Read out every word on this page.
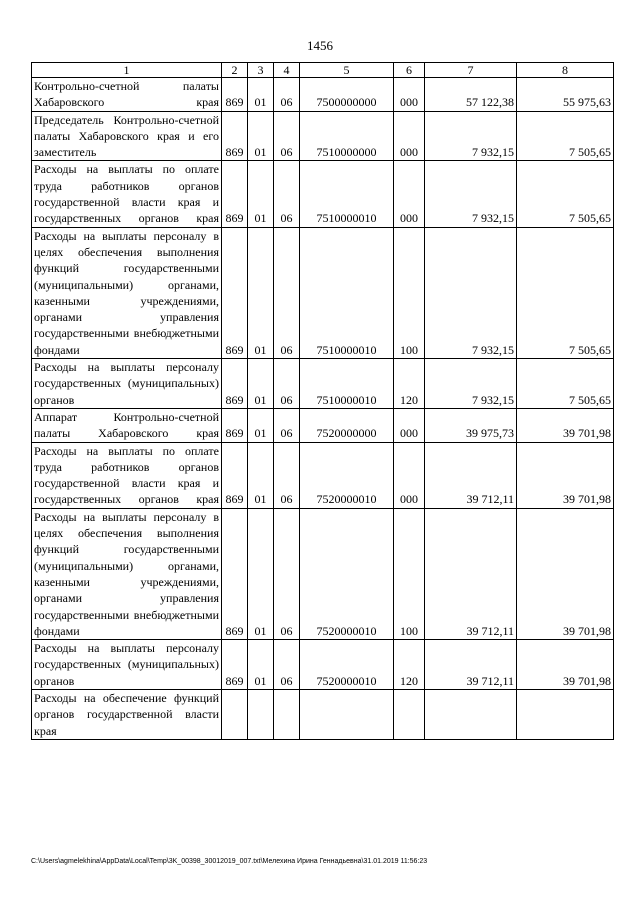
1456
1	2	3	4	5	6	7	8
Контрольно-счетной палаты Хабаровского края	869	01	06	7500000000	000	57 122,38	55 975,63
Председатель Контрольно-счетной палаты Хабаровского края и его заместитель	869	01	06	7510000000	000	7 932,15	7 505,65
Расходы на выплаты по оплате труда работников органов государственной власти края и государственных органов края	869	01	06	7510000010	000	7 932,15	7 505,65
Расходы на выплаты персоналу в целях обеспечения выполнения функций государственными (муниципальными) органами, казенными учреждениями, органами управления государственными внебюджетными фондами	869	01	06	7510000010	100	7 932,15	7 505,65
Расходы на выплаты персоналу государственных (муниципальных) органов	869	01	06	7510000010	120	7 932,15	7 505,65
Аппарат Контрольно-счетной палаты Хабаровского края	869	01	06	7520000000	000	39 975,73	39 701,98
Расходы на выплаты по оплате труда работников органов государственной власти края и государственных органов края	869	01	06	7520000010	000	39 712,11	39 701,98
Расходы на выплаты персоналу в целях обеспечения выполнения функций государственными (муниципальными) органами, казенными учреждениями, органами управления государственными внебюджетными фондами	869	01	06	7520000010	100	39 712,11	39 701,98
Расходы на выплаты персоналу государственных (муниципальных) органов	869	01	06	7520000010	120	39 712,11	39 701,98
Расходы на обеспечение функций органов государственной власти края							
C:\Users\agmelekhina\AppData\Local\Temp\3K_00398_30012019_007.txt\Мелехина Ирина Геннадьевна\31.01.2019 11:56:23
